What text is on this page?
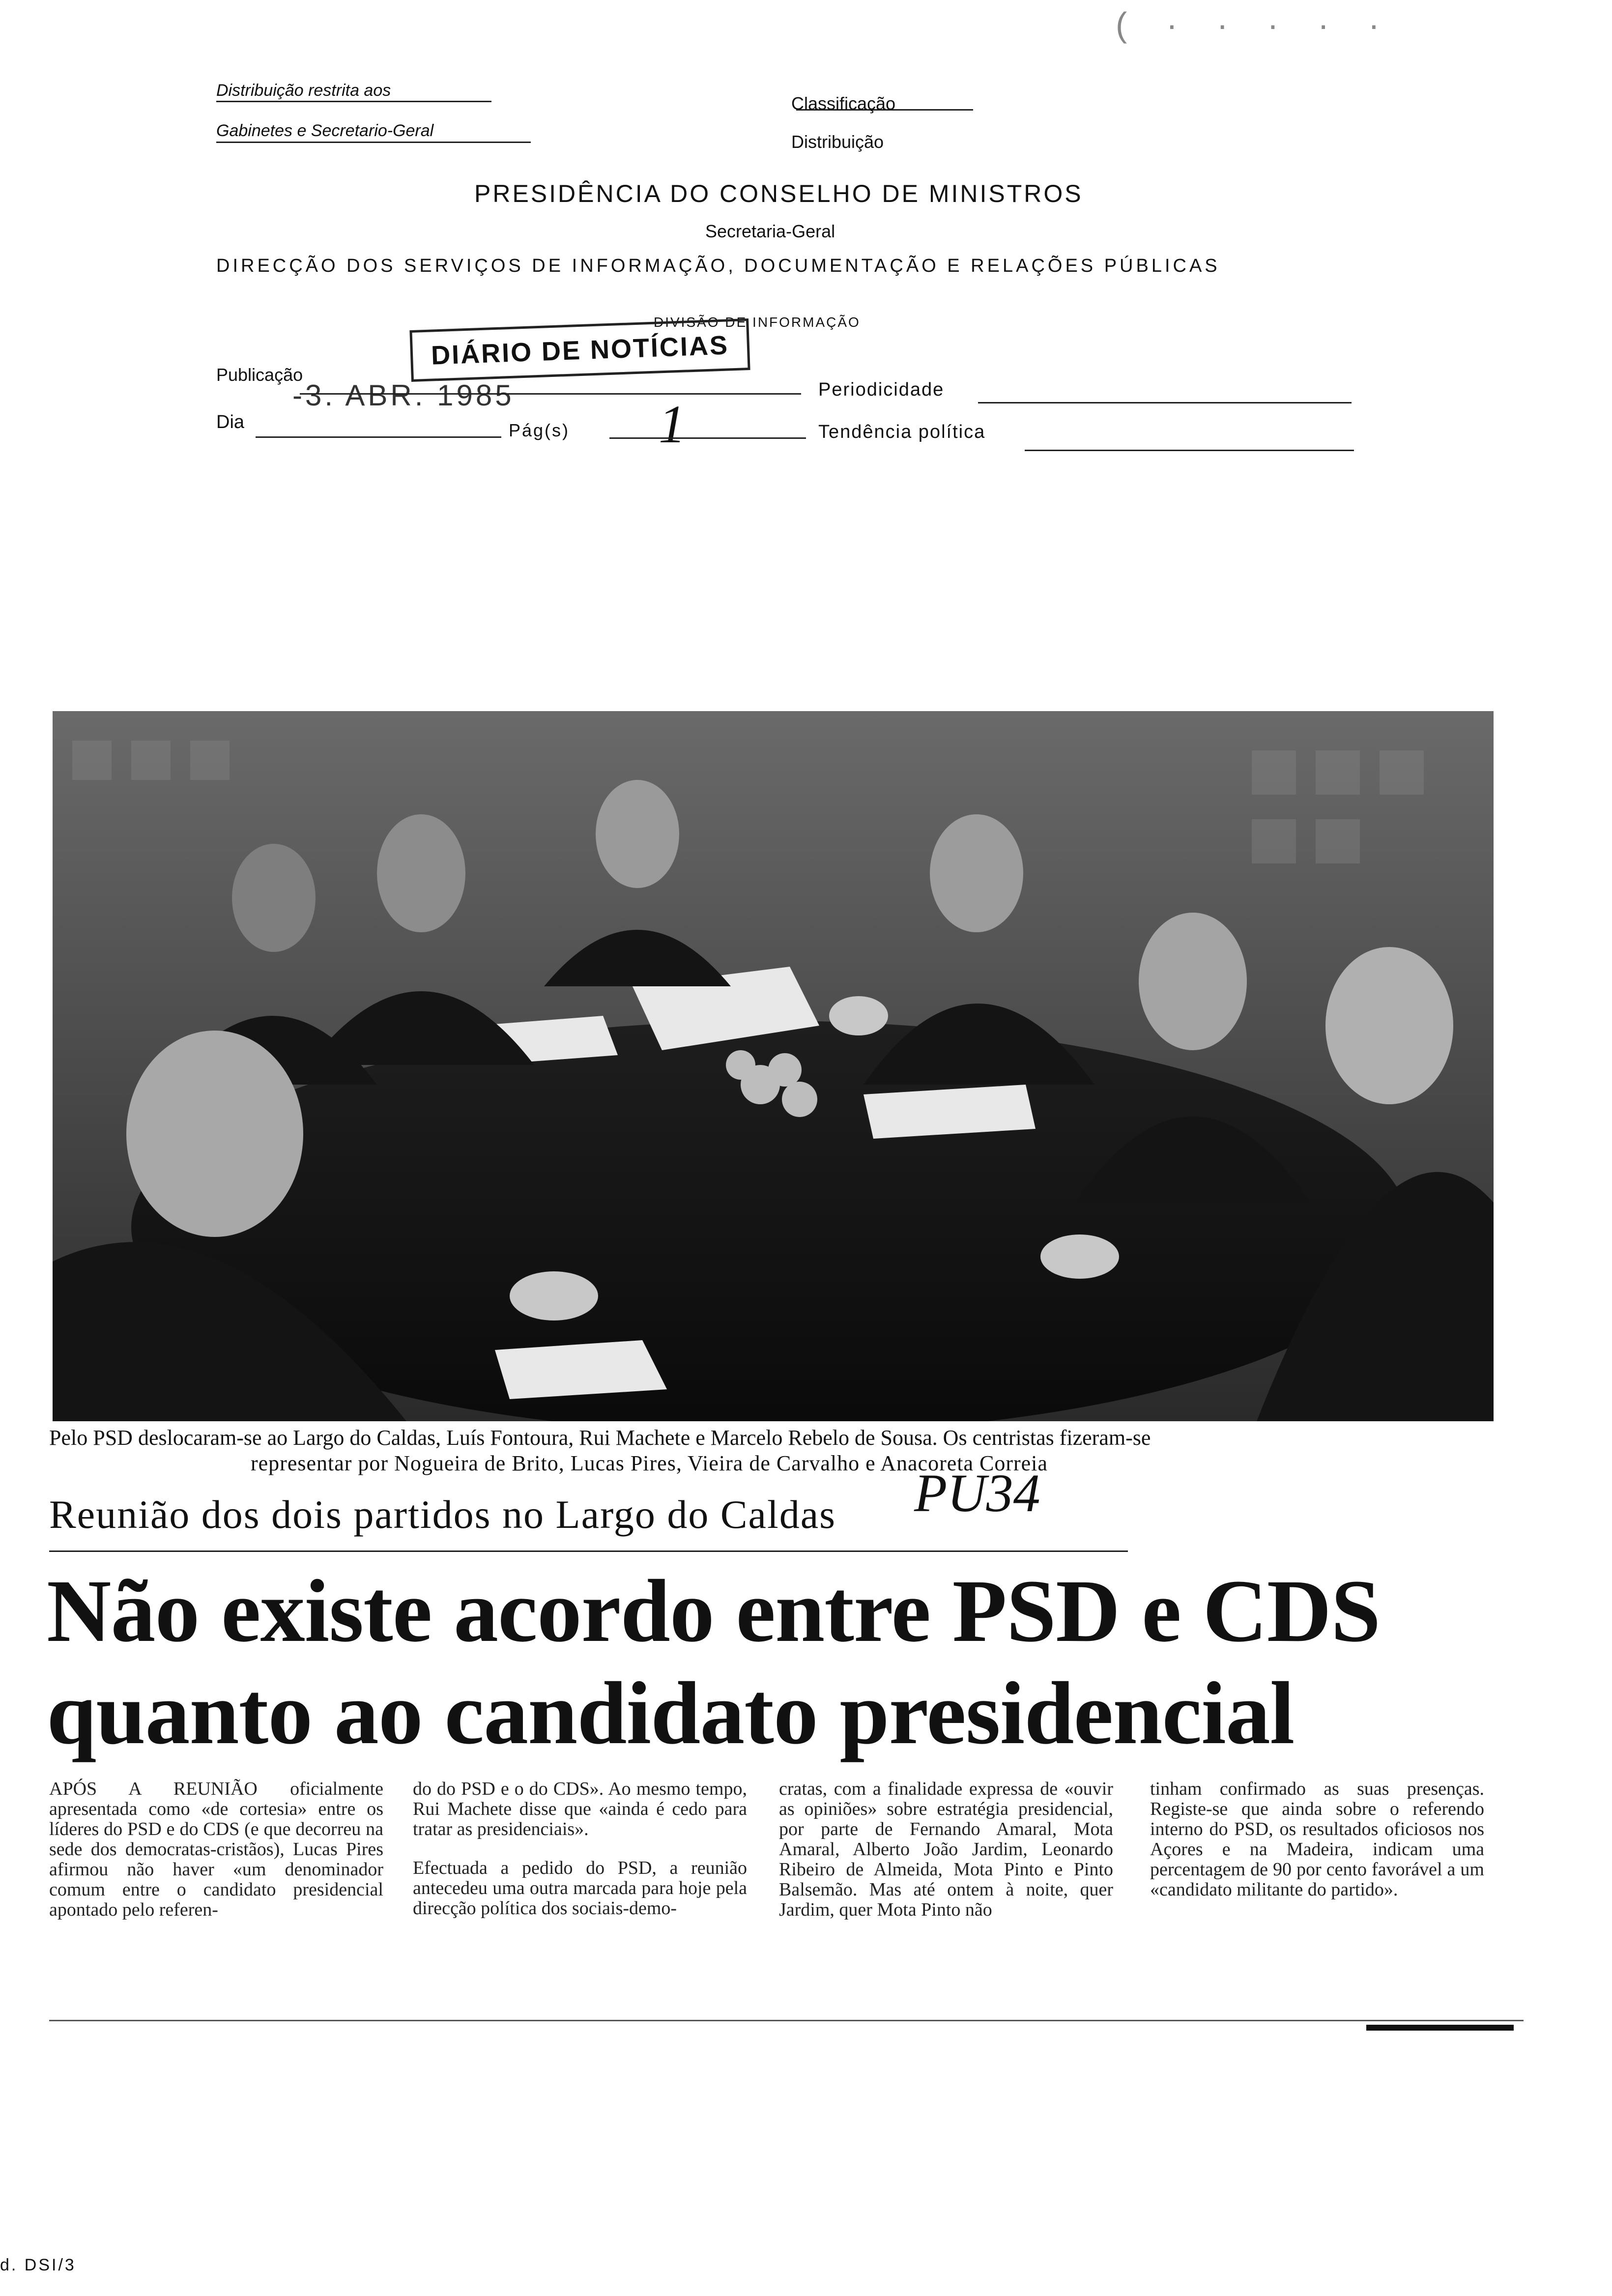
( · · · · ·
Distribuição restrita aos
Gabinetes e Secretario-Geral
Classificação
Distribuição
PRESIDÊNCIA DO CONSELHO DE MINISTROS
Secretaria-Geral
DIRECÇÃO DOS SERVIÇOS DE INFORMAÇÃO, DOCUMENTAÇÃO E RELAÇÕES PÚBLICAS
DIVISÃO DE INFORMAÇÃO
DIÁRIO DE NOTÍCIAS
Publicação
-3. ABR. 1985	Periodicidade
Dia	Pág(s) 1	Tendência política
Pelo PSD deslocaram-se ao Largo do Caldas, Luís Fontoura, Rui Machete e Marcelo Rebelo de Sousa. Os centristas fizeram-se
representar por Nogueira de Brito, Lucas Pires, Vieira de Carvalho e Anacoreta Correia
PU34
Reunião dos dois partidos no Largo do Caldas
Não existe acordo entre PSD e CDS
quanto ao candidato presidencial

APÓS A REUNIÃO oficialmente apresentada como «de cortesia» entre os líderes do PSD e do CDS (e que decorreu na sede dos democratas-cristãos), Lucas Pires afirmou não haver «um denominador comum entre o candidato presidencial apontado pelo referen-

do do PSD e o do CDS». Ao mesmo tempo, Rui Machete disse que «ainda é cedo para tratar as presidenciais».

Efectuada a pedido do PSD, a reunião antecedeu uma outra marcada para hoje pela direcção política dos sociais-demo-

cratas, com a finalidade expressa de «ouvir as opiniões» sobre estratégia presidencial, por parte de Fernando Amaral, Mota Amaral, Alberto João Jardim, Leonardo Ribeiro de Almeida, Mota Pinto e Pinto Balsemão. Mas até ontem à noite, quer Jardim, quer Mota Pinto não

tinham confirmado as suas presenças. Registe-se que ainda sobre o referendo interno do PSD, os resultados oficiosos nos Açores e na Madeira, indicam uma percentagem de 90 por cento favorável a um «candidato militante do partido».

d. DSI/3
